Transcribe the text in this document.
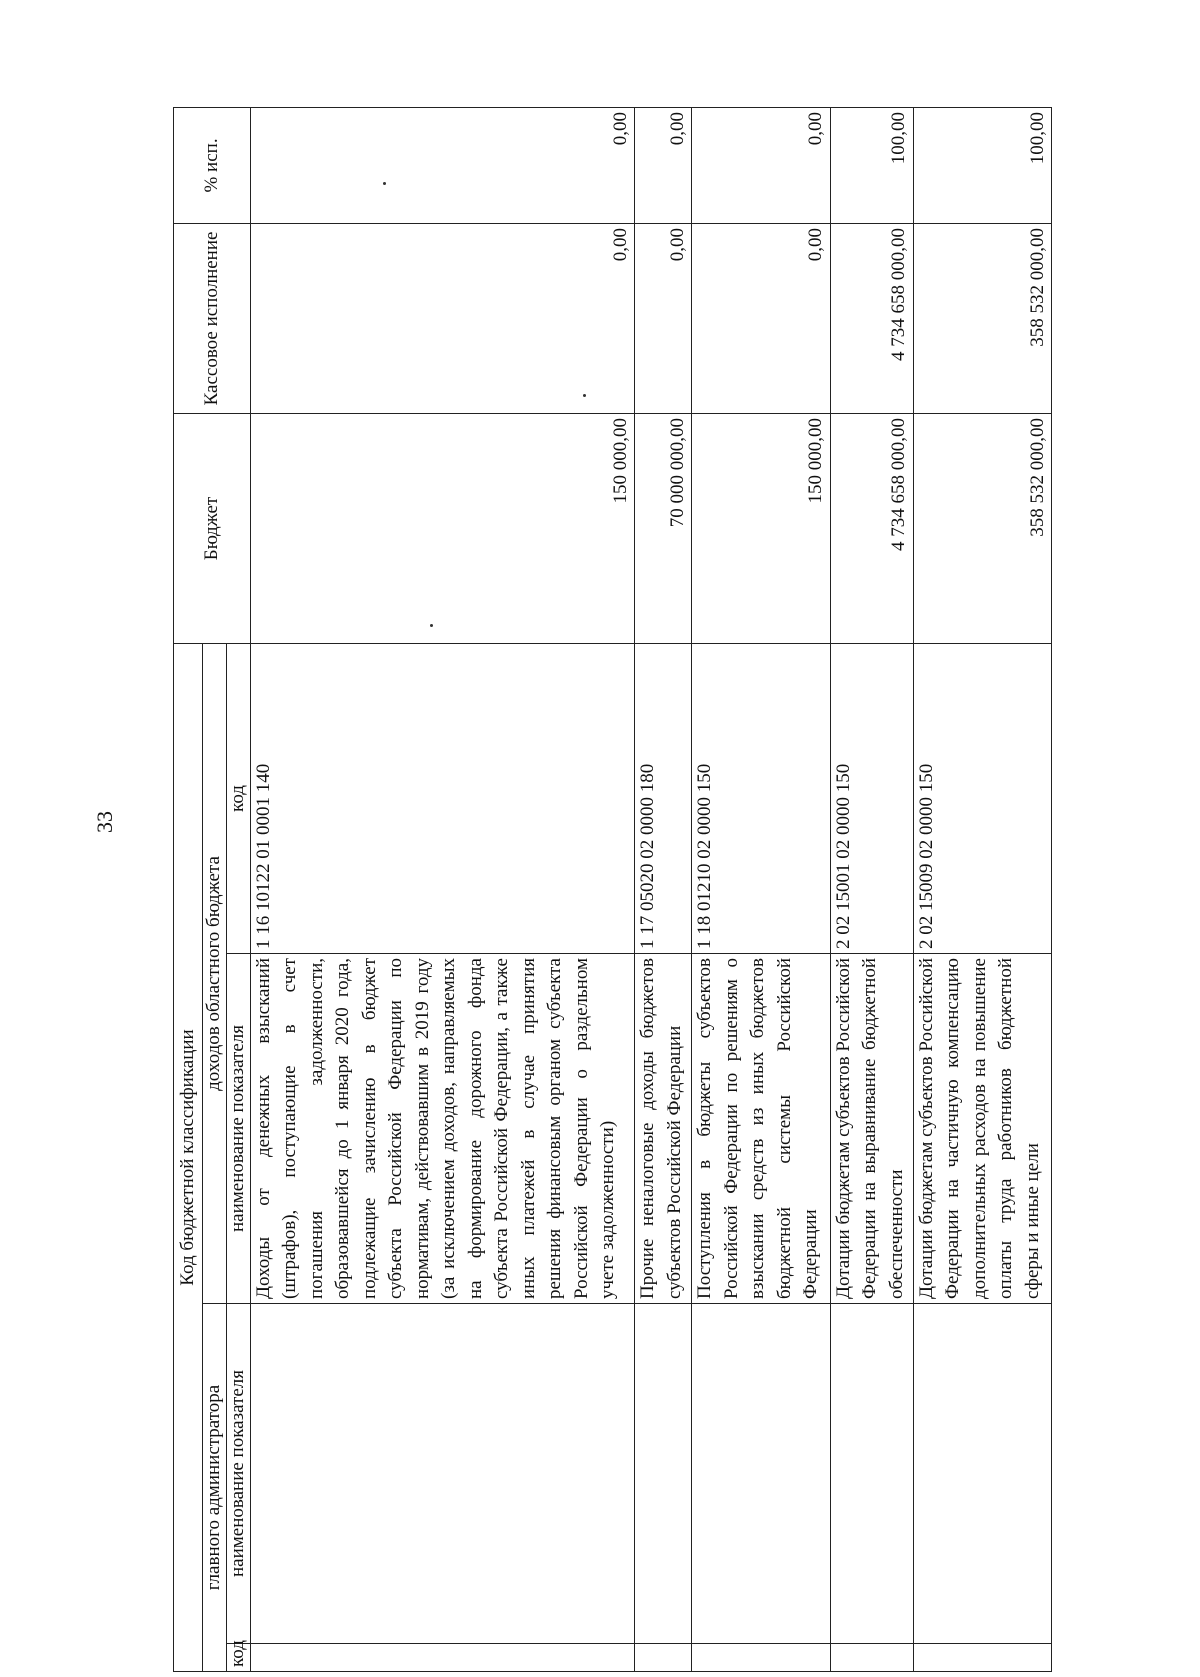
33
Код бюджетной классификации				Бюджет	Кассовое исполнение	% исп.
главного администратора		доходов областного бюджета				
код	наименование показателя	наименование показателя	код			
		Доходы от денежных взысканий (штрафов), поступающие в счет погашения задолженности, образовавшейся до 1 января 2020 года, подлежащие зачислению в бюджет субъекта Российской Федерации по нормативам, действовавшим в 2019 году (за исключением доходов, направляемых на формирование дорожного фонда субъекта Российской Федерации, а также иных платежей в случае принятия решения финансовым органом субъекта Российской Федерации о раздельном учете задолженности)	1 16 10122 01 0001 140	150 000,00	0,00	0,00
		Прочие неналоговые доходы бюджетов субъектов Российской Федерации	1 17 05020 02 0000 180	70 000 000,00	0,00	0,00
		Поступления в бюджеты субъектов Российской Федерации по решениям о взыскании средств из иных бюджетов бюджетной системы Российской Федерации	1 18 01210 02 0000 150	150 000,00	0,00	0,00
		Дотации бюджетам субъектов Российской Федерации на выравнивание бюджетной обеспеченности	2 02 15001 02 0000 150	4 734 658 000,00	4 734 658 000,00	100,00
		Дотации бюджетам субъектов Российской Федерации на частичную компенсацию дополнительных расходов на повышение оплаты труда работников бюджетной сферы и иные цели	2 02 15009 02 0000 150	358 532 000,00	358 532 000,00	100,00
